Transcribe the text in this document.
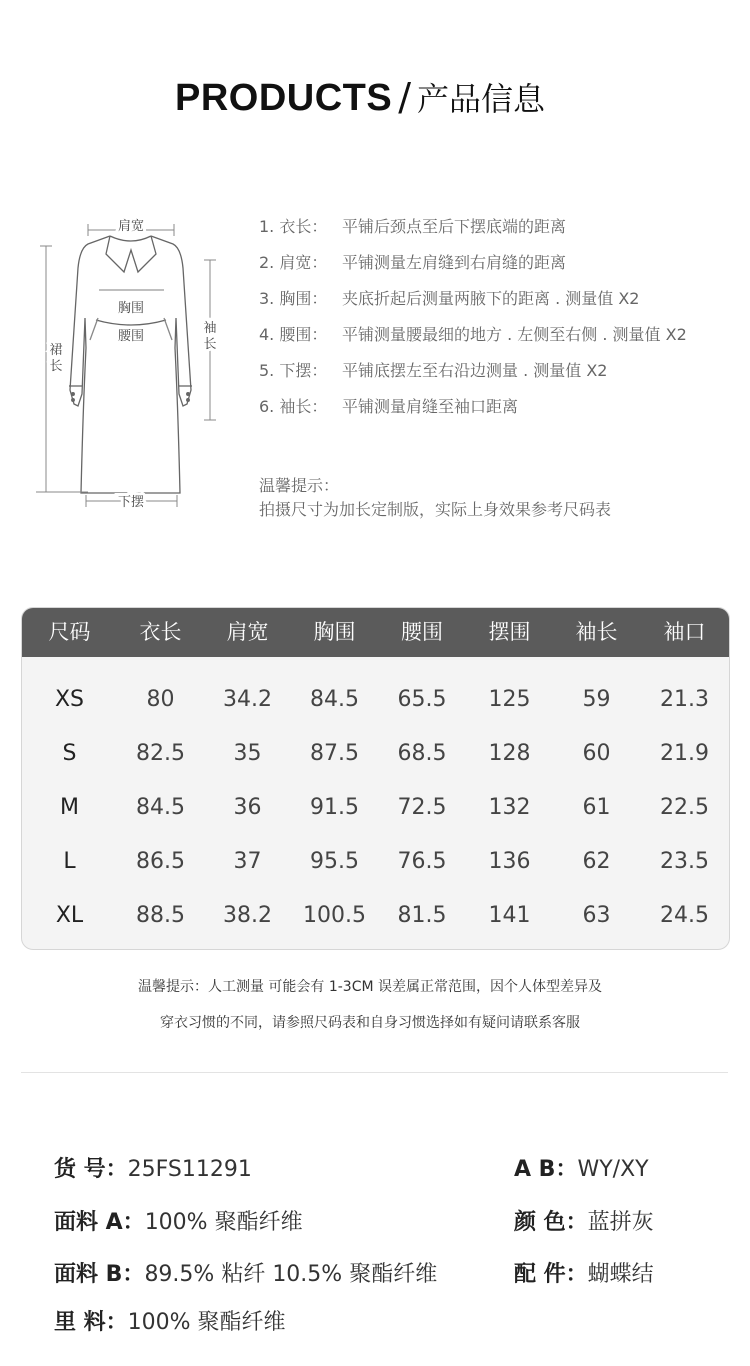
PRODUCTS / 产品信息
肩宽
胸围
腰围
下摆
袖
长
裙
长
1. 衣长： 平铺后颈点至后下摆底端的距离
2. 肩宽： 平铺测量左肩缝到右肩缝的距离
3. 胸围： 夹底折起后测量两腋下的距离 . 测量值 X2
4. 腰围： 平铺测量腰最细的地方 . 左侧至右侧 . 测量值 X2
5. 下摆： 平铺底摆左至右沿边测量 . 测量值 X2
6. 袖长： 平铺测量肩缝至袖口距离
温馨提示：
拍摄尺寸为加长定制版，实际上身效果参考尺码表
尺码	衣长	肩宽	胸围	腰围	摆围	袖长	袖口
XS	80	34.2	84.5	65.5	125	59	21.3
S	82.5	35	87.5	68.5	128	60	21.9
M	84.5	36	91.5	72.5	132	61	22.5
L	86.5	37	95.5	76.5	136	62	23.5
XL	88.5	38.2	100.5	81.5	141	63	24.5
温馨提示：人工测量 可能会有 1-3CM 误差属正常范围，因个人体型差异及
穿衣习惯的不同，请参照尺码表和自身习惯选择如有疑问请联系客服
货 号：25FS11291
面料 A：100% 聚酯纤维
面料 B：89.5% 粘纤 10.5% 聚酯纤维
里 料：100% 聚酯纤维
A B：WY/XY
颜 色：蓝拼灰
配 件：蝴蝶结
